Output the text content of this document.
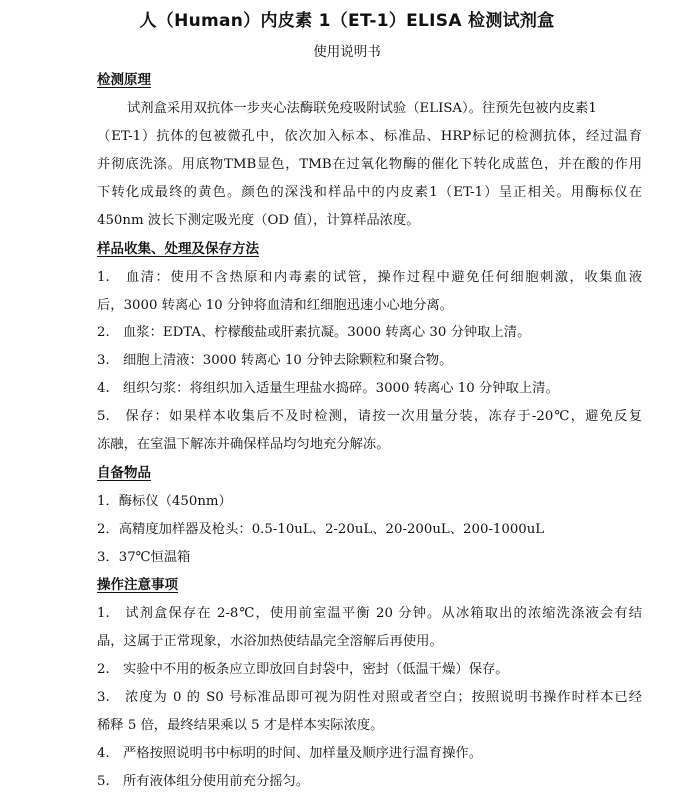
人（Human）内皮素 1（ET-1）ELISA 检测试剂盒
使用说明书
检测原理
试剂盒采用双抗体一步夹心法酶联免疫吸附试验（ELISA）。往预先包被内皮素1
（ET-1）抗体的包被微孔中，依次加入标本、标准品、HRP标记的检测抗体，经过温育
并彻底洗涤。用底物TMB显色，TMB在过氧化物酶的催化下转化成蓝色，并在酸的作用
下转化成最终的黄色。颜色的深浅和样品中的内皮素1（ET-1）呈正相关。用酶标仪在
450nm 波长下测定吸光度（OD 值），计算样品浓度。
样品收集、处理及保存方法
1.　血清：使用不含热原和内毒素的试管，操作过程中避免任何细胞刺激，收集血液
后，3000 转离心 10 分钟将血清和红细胞迅速小心地分离。
2.　血浆：EDTA、柠檬酸盐或肝素抗凝。3000 转离心 30 分钟取上清。
3.　细胞上清液：3000 转离心 10 分钟去除颗粒和聚合物。
4.　组织匀浆：将组织加入适量生理盐水捣碎。3000 转离心 10 分钟取上清。
5.　保存：如果样本收集后不及时检测，请按一次用量分装，冻存于-20℃，避免反复
冻融，在室温下解冻并确保样品均匀地充分解冻。
自备物品
1．酶标仪（450nm）
2．高精度加样器及枪头：0.5-10uL、2-20uL、20-200uL、200-1000uL
3．37℃恒温箱
操作注意事项
1.　试剂盒保存在 2-8℃，使用前室温平衡 20 分钟。从冰箱取出的浓缩洗涤液会有结
晶，这属于正常现象，水浴加热使结晶完全溶解后再使用。
2.　实验中不用的板条应立即放回自封袋中，密封（低温干燥）保存。
3.　浓度为 0 的 S0 号标准品即可视为阴性对照或者空白；按照说明书操作时样本已经
稀释 5 倍，最终结果乘以 5 才是样本实际浓度。
4.　严格按照说明书中标明的时间、加样量及顺序进行温育操作。
5.　所有液体组分使用前充分摇匀。
